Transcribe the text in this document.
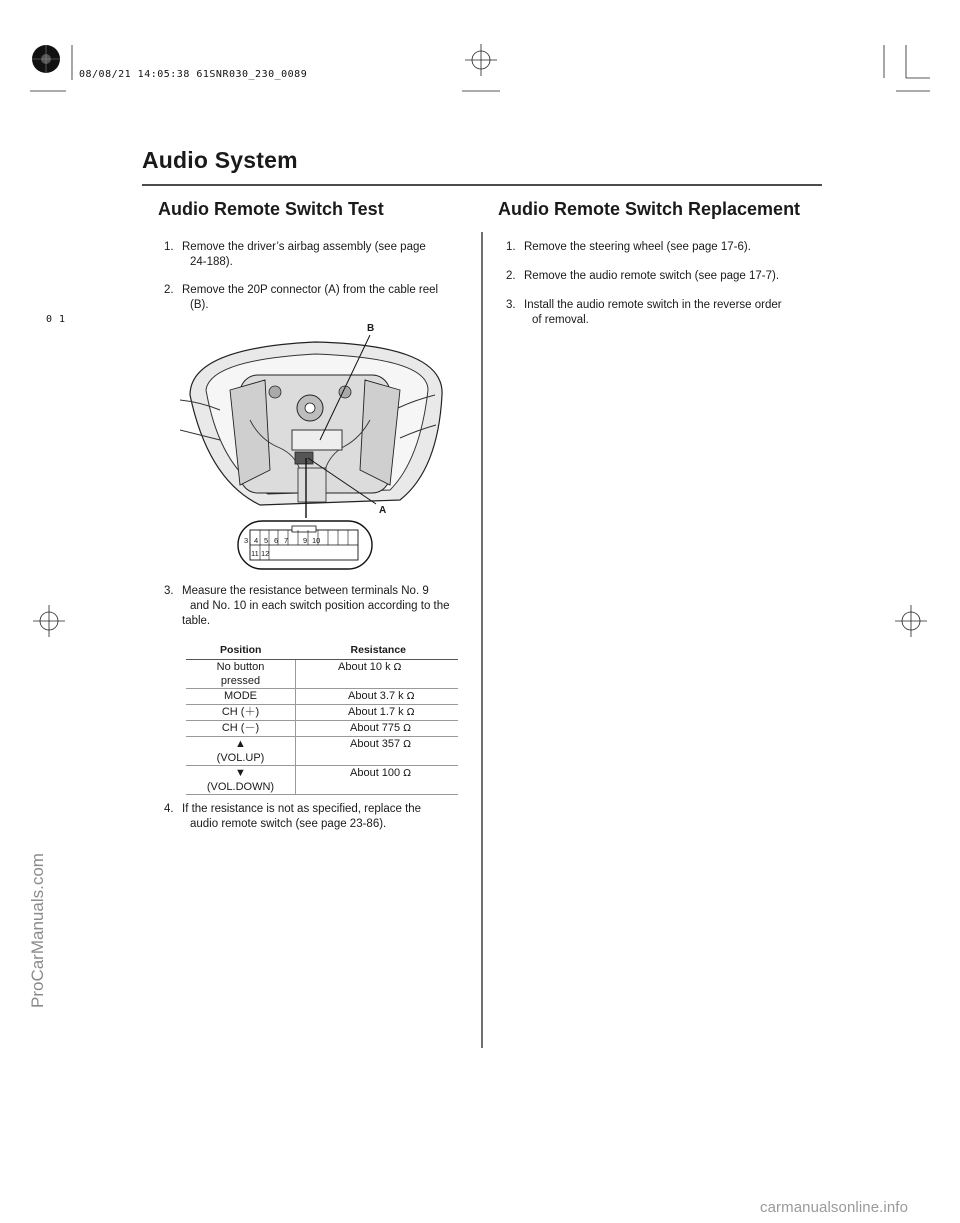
08/08/21 14:05:38 61SNR030_230_0089
0 1
Audio System
Audio Remote Switch Test
1. Remove the driver’s airbag assembly (see page
24-188).
2. Remove the 20P connector (A) from the cable reel
(B).
B
A
3 4 5 6 7 9 10
11 12
3. Measure the resistance between terminals No. 9
and No. 10 in each switch position according to the
table.
Position	Resistance
No button
pressed	About 10 k Ω
MODE	About 3.7 k Ω
CH (＋)	About 1.7 k Ω
CH (－)	About 775 Ω
▲
(VOL.UP)	About 357 Ω
▼
(VOL.DOWN)	About 100 Ω
4. If the resistance is not as specified, replace the
audio remote switch (see page 23-86).
Audio Remote Switch Replacement
1. Remove the steering wheel (see page 17-6).
2. Remove the audio remote switch (see page 17-7).
3. Install the audio remote switch in the reverse order
of removal.
ProCarManuals.com
carmanualsonline.info
